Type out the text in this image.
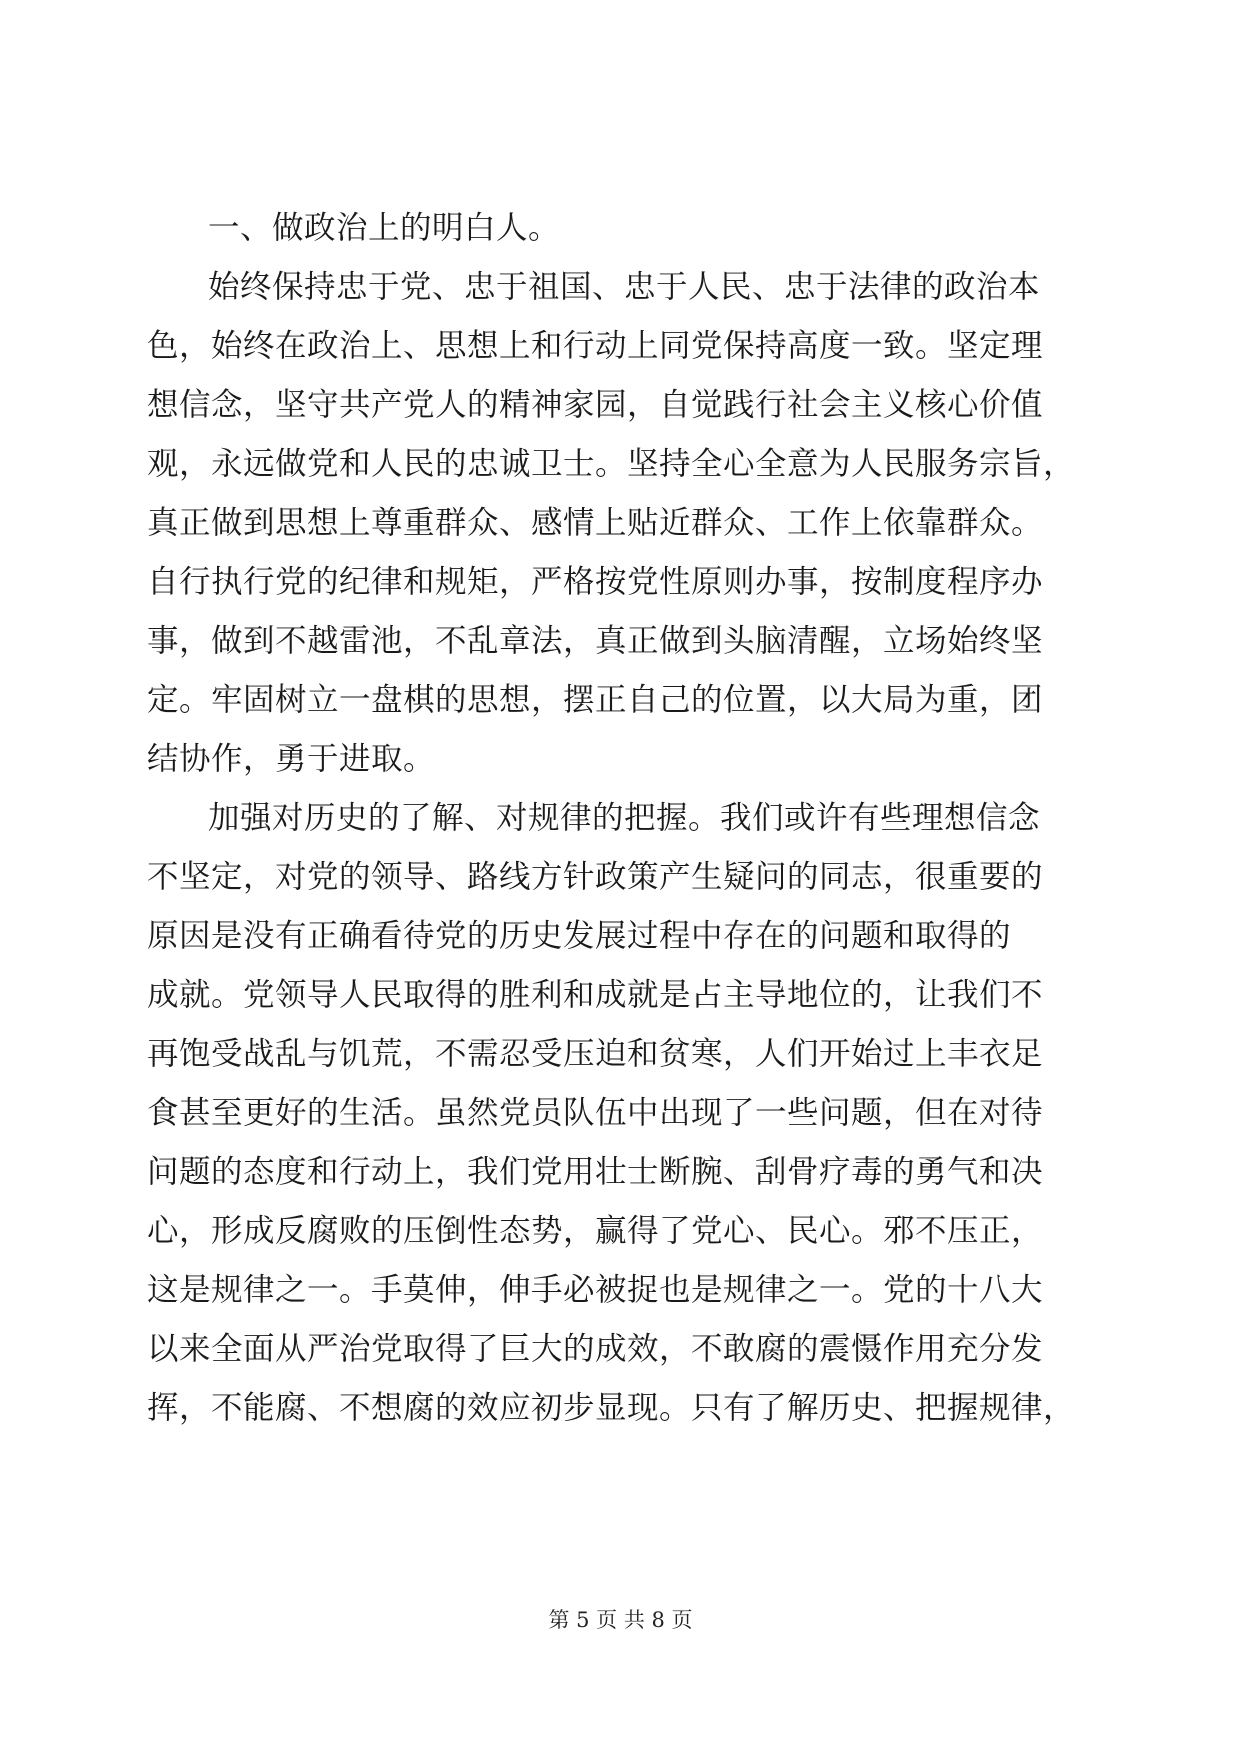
一、做政治上的明白人。
始终保持忠于党、忠于祖国、忠于人民、忠于法律的政治本
色，始终在政治上、思想上和行动上同党保持高度一致。坚定理
想信念，坚守共产党人的精神家园，自觉践行社会主义核心价值
观，永远做党和人民的忠诚卫士。坚持全心全意为人民服务宗旨，
真正做到思想上尊重群众、感情上贴近群众、工作上依靠群众。
自行执行党的纪律和规矩，严格按党性原则办事，按制度程序办
事，做到不越雷池，不乱章法，真正做到头脑清醒，立场始终坚
定。牢固树立一盘棋的思想，摆正自己的位置，以大局为重，团
结协作，勇于进取。
加强对历史的了解、对规律的把握。我们或许有些理想信念
不坚定，对党的领导、路线方针政策产生疑问的同志，很重要的
原因是没有正确看待党的历史发展过程中存在的问题和取得的
成就。党领导人民取得的胜利和成就是占主导地位的，让我们不
再饱受战乱与饥荒，不需忍受压迫和贫寒，人们开始过上丰衣足
食甚至更好的生活。虽然党员队伍中出现了一些问题，但在对待
问题的态度和行动上，我们党用壮士断腕、刮骨疗毒的勇气和决
心，形成反腐败的压倒性态势，赢得了党心、民心。邪不压正，
这是规律之一。手莫伸，伸手必被捉也是规律之一。党的十八大
以来全面从严治党取得了巨大的成效，不敢腐的震慑作用充分发
挥，不能腐、不想腐的效应初步显现。只有了解历史、把握规律，
第 5 页 共 8 页
